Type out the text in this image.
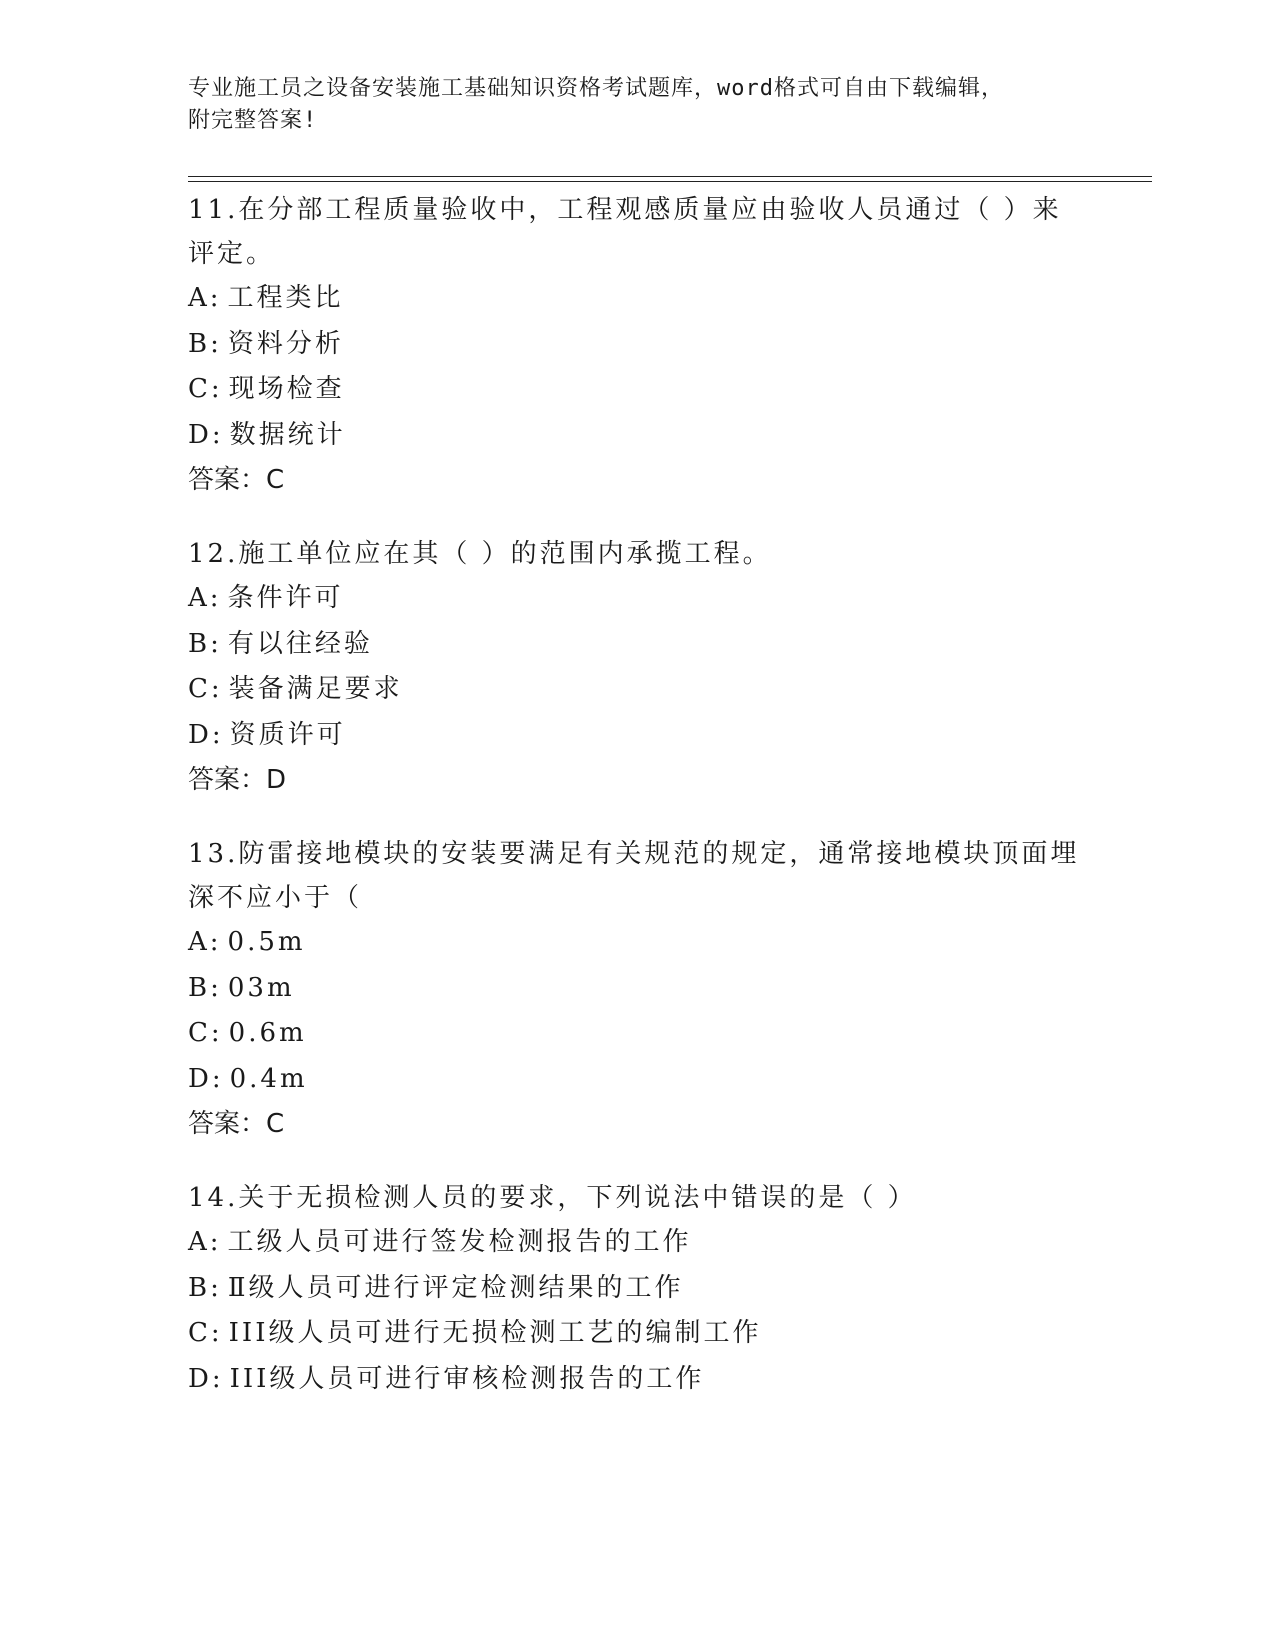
专业施工员之设备安装施工基础知识资格考试题库，word格式可自由下载编辑，
附完整答案!

11.在分部工程质量验收中，工程观感质量应由验收人员通过（ ）来

评定。

A: 工程类比

B: 资料分析

C: 现场检查

D: 数据统计

答案：C

12.施工单位应在其（ ）的范围内承揽工程。

A: 条件许可

B: 有以往经验

C: 装备满足要求

D: 资质许可

答案：D

13.防雷接地模块的安装要满足有关规范的规定，通常接地模块顶面埋

深不应小于（

A: 0.5m

B: 03m

C: 0.6m

D: 0.4m

答案：C

14.关于无损检测人员的要求，下列说法中错误的是（ ）

A: 工级人员可进行签发检测报告的工作

B: Ⅱ级人员可进行评定检测结果的工作

C: III级人员可进行无损检测工艺的编制工作

D: III级人员可进行审核检测报告的工作
